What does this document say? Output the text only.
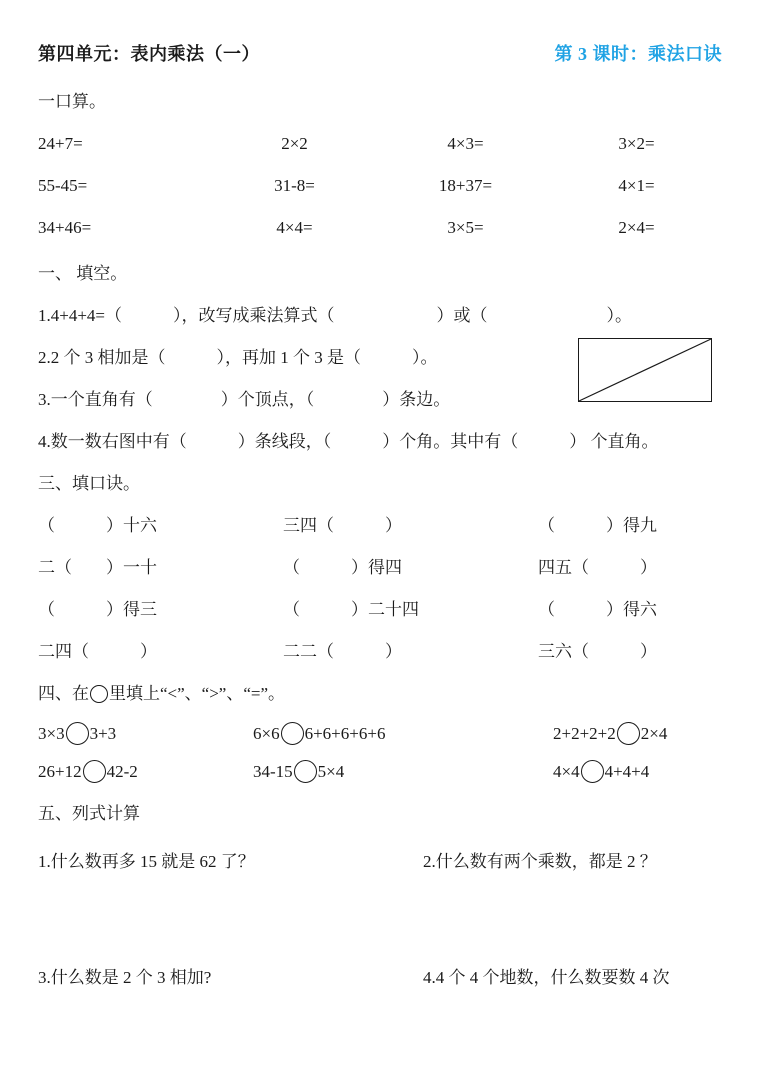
第四单元：表内乘法（一）	第 3 课时：乘法口诀
一口算。
24+7=	2×2	4×3=	3×2=
55-45=	31-8=	18+37=	4×1=
34+46=	4×4=	3×5=	2×4=
一、 填空。
1.4+4+4=（　　　），改写成乘法算式（　　　　　　）或（　　　　　　　）。
2.2 个 3 相加是（　　　），再加 1 个 3 是（　　　）。
3.一个直角有（　　　　）个顶点，（　　　　）条边。
4.数一数右图中有（　　　）条线段，（　　　）个角。其中有（　　　） 个直角。
三、填口诀。
（　　　）十六	三四（　　　）	（　　　）得九
二（　　）一十	（　　　）得四	四五（　　　）
（　　　）得三	（　　　）二十四	（　　　）得六
二四（　　　）	二二（　　　）	三六（　　　）
四、在 里填上“<”、“>”、“=”。
3×3 3+3	6×6 6+6+6+6+6	2+2+2+2 2×4
26+12 42-2	34-15 5×4	4×4 4+4+4
五、列式计算
1.什么数再多 15 就是 62 了？	2.什么数有两个乘数，都是 2 ？
3.什么数是 2 个 3 相加?	4.4 个 4 个地数，什么数要数 4 次
